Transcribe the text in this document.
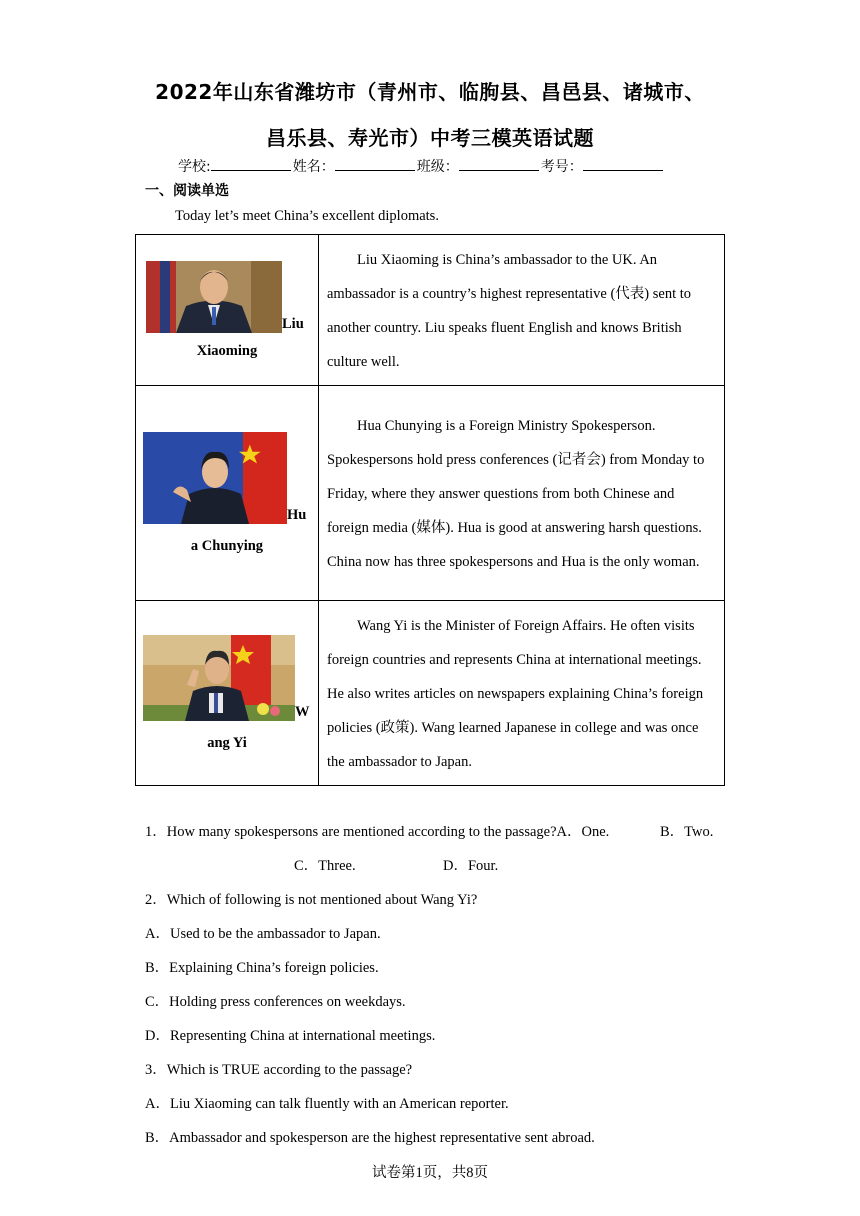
2022年山东省潍坊市（青州市、临朐县、昌邑县、诸城市、
昌乐县、寿光市）中考三模英语试题
学校:	姓名：	班级：	考号：
一、阅读单选
Today let’s meet China’s excellent diplomats.
Liu
Xiaoming	Liu Xiaoming is China’s ambassador to the UK. An ambassador is a country’s highest representative (代表) sent to another country. Liu speaks fluent English and knows British culture well.

Hu
a Chunying	Hua Chunying is a Foreign Ministry Spokesperson. Spokespersons hold press conferences (记者会) from Monday to Friday, where they answer questions from both Chinese and foreign media (媒体). Hua is good at answering harsh questions. China now has three spokespersons and Hua is the only woman.

W
ang Yi	Wang Yi is the Minister of Foreign Affairs. He often visits foreign countries and represents China at international meetings. He also writes articles on newspapers explaining China’s foreign policies (政策). Wang learned Japanese in college and was once the ambassador to Japan.
1．How many spokespersons are mentioned according to the passage?A．One.	B．Two.
C．Three.	D．Four.
2．Which of following is not mentioned about Wang Yi?
A．Used to be the ambassador to Japan.
B．Explaining China’s foreign policies.
C．Holding press conferences on weekdays.
D．Representing China at international meetings.
3．Which is TRUE according to the passage?
A．Liu Xiaoming can talk fluently with an American reporter.
B．Ambassador and spokesperson are the highest representative sent abroad.
试卷第1页，共8页
